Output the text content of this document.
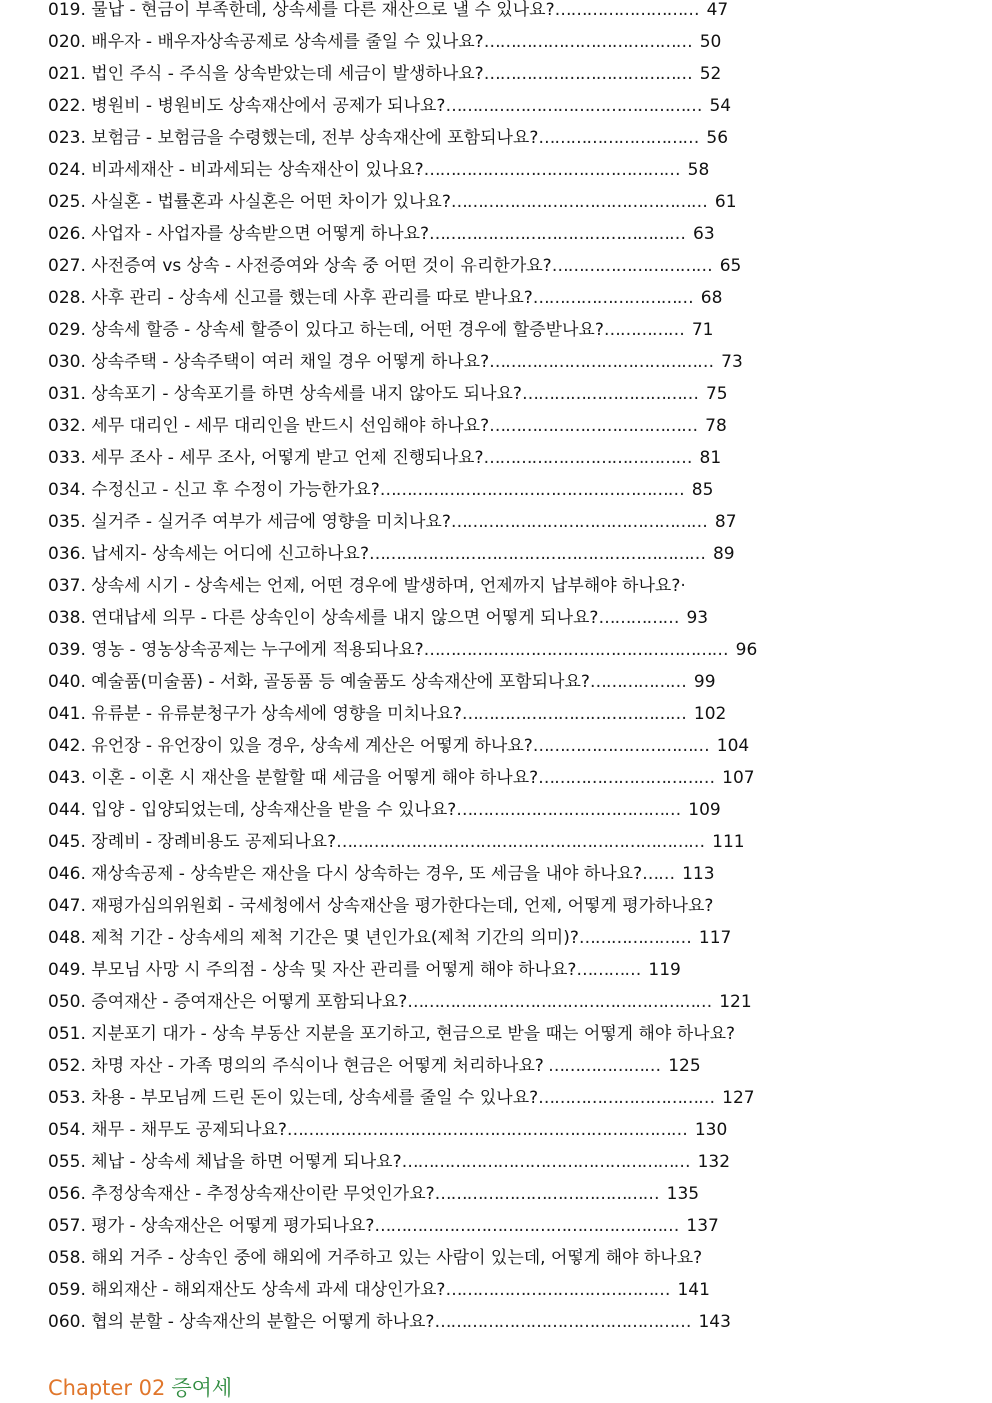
019. 물납 - 현금이 부족한데, 상속세를 다른 재산으로 낼 수 있나요?……………………… 47
020. 배우자 - 배우자상속공제로 상속세를 줄일 수 있나요?………………………………… 50
021. 법인 주식 - 주식을 상속받았는데 세금이 발생하나요?………………………………… 52
022. 병원비 - 병원비도 상속재산에서 공제가 되나요?………………………………………… 54
023. 보험금 - 보험금을 수령했는데, 전부 상속재산에 포함되나요?………………………… 56
024. 비과세재산 - 비과세되는 상속재산이 있나요?………………………………………… 58
025. 사실혼 - 법률혼과 사실혼은 어떤 차이가 있나요?………………………………………… 61
026. 사업자 - 사업자를 상속받으면 어떻게 하나요?………………………………………… 63
027. 사전증여 vs 상속 - 사전증여와 상속 중 어떤 것이 유리한가요?………………………… 65
028. 사후 관리 - 상속세 신고를 했는데 사후 관리를 따로 받나요?………………………… 68
029. 상속세 할증 - 상속세 할증이 있다고 하는데, 어떤 경우에 할증받나요?…………… 71
030. 상속주택 - 상속주택이 여러 채일 경우 어떻게 하나요?…………………………………… 73
031. 상속포기 - 상속포기를 하면 상속세를 내지 않아도 되나요?…………………………… 75
032. 세무 대리인 - 세무 대리인을 반드시 선임해야 하나요?………………………………… 78
033. 세무 조사 - 세무 조사, 어떻게 받고 언제 진행되나요?………………………………… 81
034. 수정신고 - 신고 후 수정이 가능한가요?………………………………………………… 85
035. 실거주 - 실거주 여부가 세금에 영향을 미치나요?………………………………………… 87
036. 납세지- 상속세는 어디에 신고하나요?……………………………………………………… 89
037. 상속세 시기 - 상속세는 언제, 어떤 경우에 발생하며, 언제까지 납부해야 하나요?·
038. 연대납세 의무 - 다른 상속인이 상속세를 내지 않으면 어떻게 되나요?…………… 93
039. 영농 - 영농상속공제는 누구에게 적용되나요?………………………………………………… 96
040. 예술품(미술품) - 서화, 골동품 등 예술품도 상속재산에 포함되나요?……………… 99
041. 유류분 - 유류분청구가 상속세에 영향을 미치나요?…………………………………… 102
042. 유언장 - 유언장이 있을 경우, 상속세 계산은 어떻게 하나요?…………………………… 104
043. 이혼 - 이혼 시 재산을 분할할 때 세금을 어떻게 해야 하나요?…………………………… 107
044. 입양 - 입양되었는데, 상속재산을 받을 수 있나요?…………………………………… 109
045. 장례비 - 장례비용도 공제되나요?…………………………………………………………… 111
046. 재상속공제 - 상속받은 재산을 다시 상속하는 경우, 또 세금을 내야 하나요?…… 113
047. 재평가심의위원회 - 국세청에서 상속재산을 평가한다는데, 언제, 어떻게 평가하나요?
048. 제척 기간 - 상속세의 제척 기간은 몇 년인가요(제척 기간의 의미)?………………… 117
049. 부모님 사망 시 주의점 - 상속 및 자산 관리를 어떻게 해야 하나요?………… 119
050. 증여재산 - 증여재산은 어떻게 포함되나요?………………………………………………… 121
051. 지분포기 대가 - 상속 부동산 지분을 포기하고, 현금으로 받을 때는 어떻게 해야 하나요?
052. 차명 자산 - 가족 명의의 주식이나 현금은 어떻게 처리하나요? ………………… 125
053. 차용 - 부모님께 드린 돈이 있는데, 상속세를 줄일 수 있나요?…………………………… 127
054. 채무 - 채무도 공제되나요?………………………………………………………………… 130
055. 체납 - 상속세 체납을 하면 어떻게 되나요?……………………………………………… 132
056. 추정상속재산 - 추정상속재산이란 무엇인가요?…………………………………… 135
057. 평가 - 상속재산은 어떻게 평가되나요?………………………………………………… 137
058. 해외 거주 - 상속인 중에 해외에 거주하고 있는 사람이 있는데, 어떻게 해야 하나요?
059. 해외재산 - 해외재산도 상속세 과세 대상인가요?…………………………………… 141
060. 협의 분할 - 상속재산의 분할은 어떻게 하나요?………………………………………… 143
Chapter 02 증여세
